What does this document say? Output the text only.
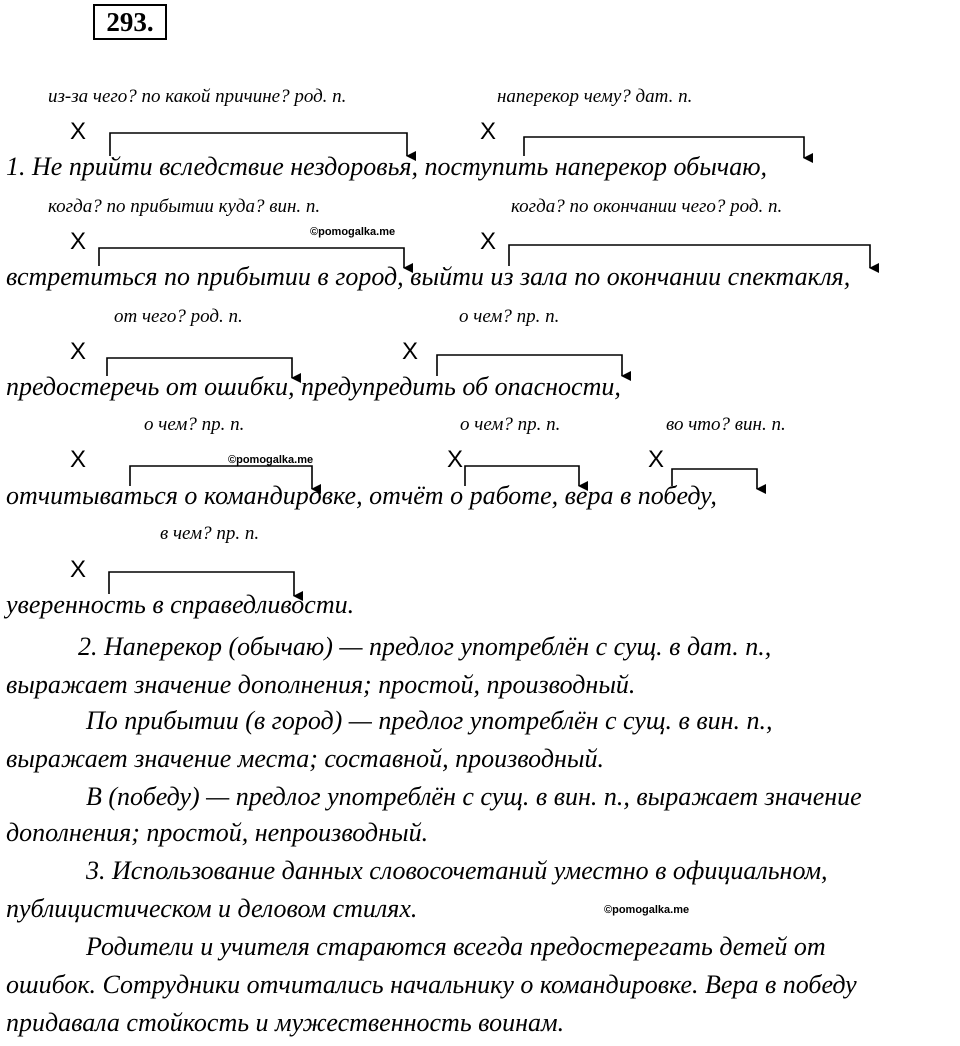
293.
из-за чего? по какой причине? род. п.	наперекор чему? дат. п.
когда? по прибытии куда? вин. п.	когда? по окончании чего? род. п.
от чего? род. п.	о чем? пр. п.
о чем? пр. п.	о чем? пр. п.	во что? вин. п.
в чем? пр. п.
X	X
X	X
X	X
X	X	X
X
©pomogalka.me
©pomogalka.me
©pomogalka.me
1. Не прийти вследствие нездоровья, поступить наперекор обычаю,
встретиться по прибытии в город, выйти из зала по окончании спектакля,
предостеречь от ошибки, предупредить об опасности,
отчитываться о командировке, отчёт о работе, вера в победу,
уверенность в справедливости.
2. Наперекор (обычаю) — предлог употреблён с сущ. в дат. п.,
выражает значение дополнения; простой, производный.
По прибытии (в город) — предлог употреблён с сущ. в вин. п.,
выражает значение места; составной, производный.
В (победу) — предлог употреблён с сущ. в вин. п., выражает значение
дополнения; простой, непроизводный.
3. Использование данных словосочетаний уместно в официальном,
публицистическом и деловом стилях.
Родители и учителя стараются всегда предостерегать детей от
ошибок. Сотрудники отчитались начальнику о командировке. Вера в победу
придавала стойкость и мужественность воинам.
